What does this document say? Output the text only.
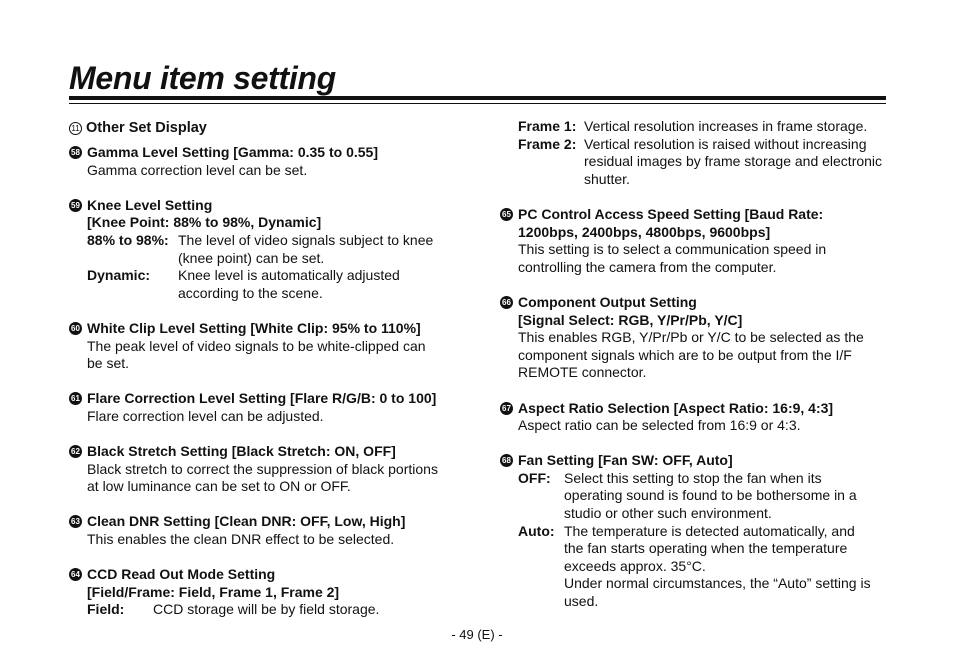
Menu item setting
11 Other Set Display
58 Gamma Level Setting [Gamma: 0.35 to 0.55]
Gamma correction level can be set.
59 Knee Level Setting
[Knee Point: 88% to 98%, Dynamic]
88% to 98%: The level of video signals subject to knee (knee point) can be set.
Dynamic:	Knee level is automatically adjusted according to the scene.
60 White Clip Level Setting [White Clip: 95% to 110%]
The peak level of video signals to be white-clipped can be set.
61 Flare Correction Level Setting [Flare R/G/B: 0 to 100]
Flare correction level can be adjusted.
62 Black Stretch Setting [Black Stretch: ON, OFF]
Black stretch to correct the suppression of black portions at low luminance can be set to ON or OFF.
63 Clean DNR Setting [Clean DNR: OFF, Low, High]
This enables the clean DNR effect to be selected.
64 CCD Read Out Mode Setting
[Field/Frame: Field, Frame 1, Frame 2]
Field:	CCD storage will be by field storage.
Frame 1: Vertical resolution increases in frame storage.
Frame 2: Vertical resolution is raised without increasing residual images by frame storage and electronic shutter.
65 PC Control Access Speed Setting [Baud Rate: 1200bps, 2400bps, 4800bps, 9600bps]
This setting is to select a communication speed in controlling the camera from the computer.
66 Component Output Setting
[Signal Select: RGB, Y/Pr/Pb, Y/C]
This enables RGB, Y/Pr/Pb or Y/C to be selected as the component signals which are to be output from the I/F REMOTE connector.
67 Aspect Ratio Selection [Aspect Ratio: 16:9, 4:3]
Aspect ratio can be selected from 16:9 or 4:3.
68 Fan Setting [Fan SW: OFF, Auto]
OFF: Select this setting to stop the fan when its operating sound is found to be bothersome in a studio or other such environment.
Auto: The temperature is detected automatically, and the fan starts operating when the temperature exceeds approx. 35°C.
Under normal circumstances, the “Auto” setting is used.
- 49 (E) -
